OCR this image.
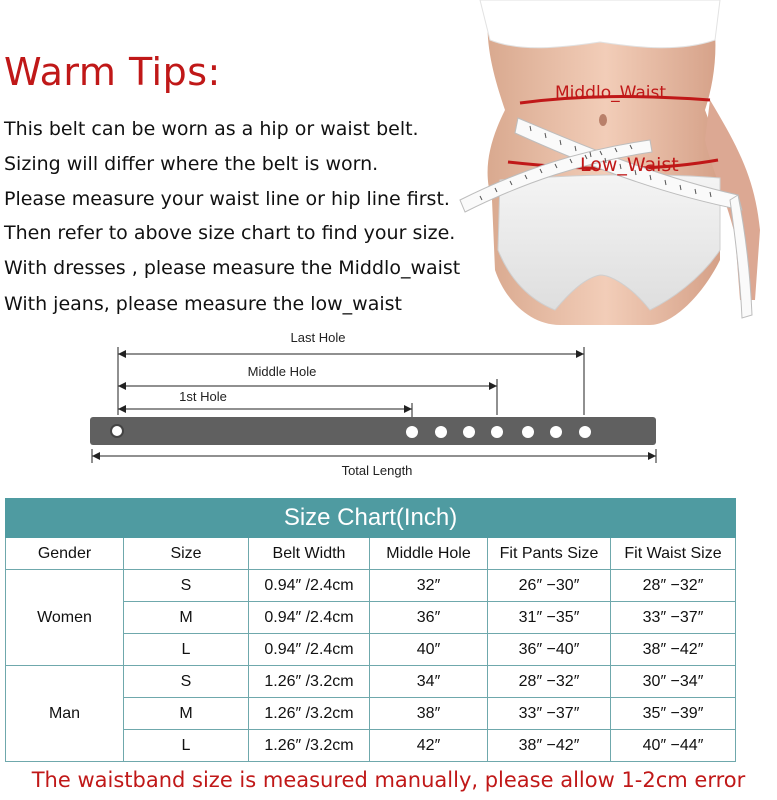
Warm Tips:
This belt can be worn as a hip or waist belt.
Sizing will differ where the belt is worn.
Please measure your waist line or hip line first.
Then refer to above size chart to find your size.
With dresses , please measure the Middlo_waist
With jeans, please measure the low_waist
Middlo_Waist
Low_Waist
Last Hole
Middle Hole
1st Hole
Total Length
Size Chart(Inch)					
Gender	Size	Belt Width	Middle Hole	Fit Pants Size	Fit Waist Size
Women	S	0.94″ /2.4cm	32″	26″ −30″	28″ −32″
	M	0.94″ /2.4cm	36″	31″ −35″	33″ −37″
	L	0.94″ /2.4cm	40″	36″ −40″	38″ −42″
Man	S	1.26″ /3.2cm	34″	28″ −32″	30″ −34″
	M	1.26″ /3.2cm	38″	33″ −37″	35″ −39″
	L	1.26″ /3.2cm	42″	38″ −42″	40″ −44″
The waistband size is measured manually, please allow 1-2cm error
